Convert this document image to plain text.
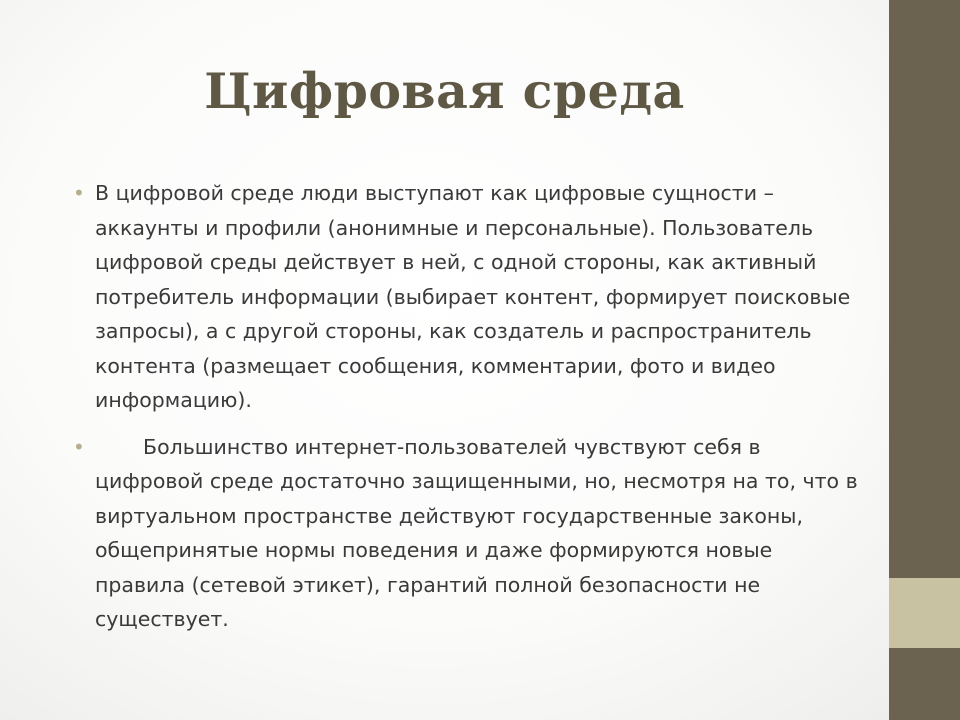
Цифровая среда
• В цифровой среде люди выступают как цифровые сущности – аккаунты и профили (анонимные и персональные). Пользователь цифровой среды действует в ней, с одной стороны, как активный потребитель информации (выбирает контент, формирует поисковые запросы), а с другой стороны, как создатель и распространитель контента (размещает сообщения, комментарии, фото и видео информацию).
•	Большинство интернет-пользователей чувствуют себя в цифровой среде достаточно защищенными, но, несмотря на то, что в виртуальном пространстве действуют государственные законы, общепринятые нормы поведения и даже формируются новые правила (сетевой этикет), гарантий полной безопасности не существует.
